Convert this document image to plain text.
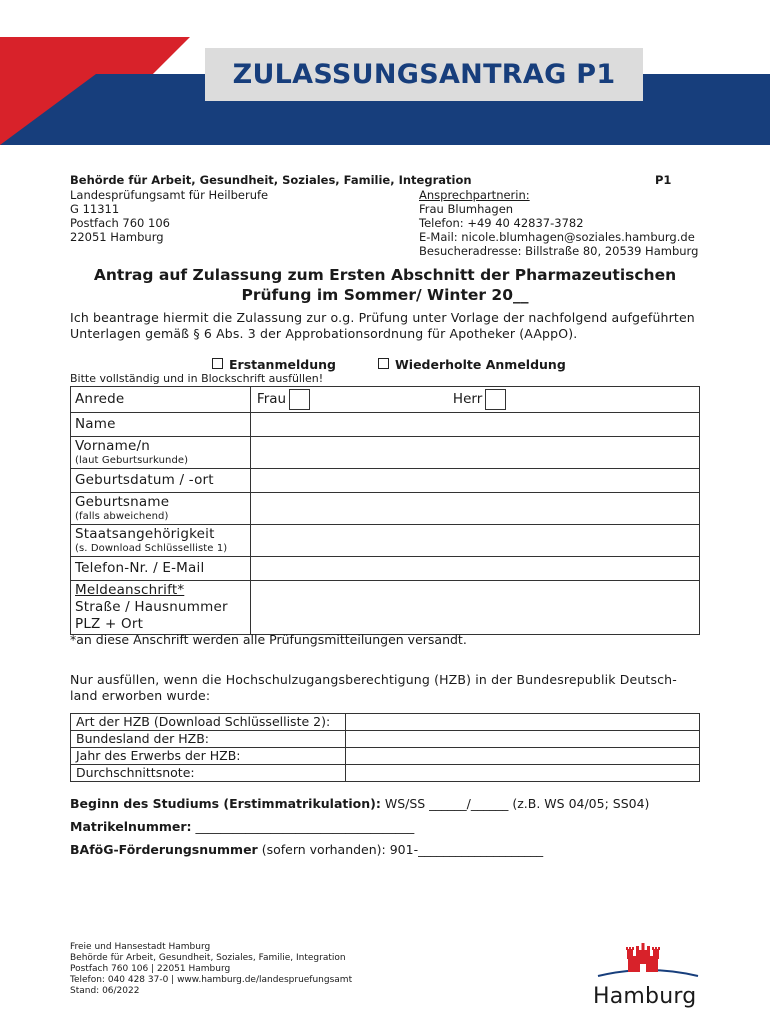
ZULASSUNGSANTRAG P1
Behörde für Arbeit, Gesundheit, Soziales, Familie, Integration	P1
Landesprüfungsamt für Heilberufe
G 11311
Postfach 760 106
22051 Hamburg
Ansprechpartnerin:
Frau Blumhagen
Telefon: +49 40 42837-3782
E-Mail: nicole.blumhagen@soziales.hamburg.de
Besucheradresse: Billstraße 80, 20539 Hamburg
Antrag auf Zulassung zum Ersten Abschnitt der Pharmazeutischen
Prüfung im Sommer/ Winter 20__
Ich beantrage hiermit die Zulassung zur o.g. Prüfung unter Vorlage der nachfolgend aufgeführten
Unterlagen gemäß § 6 Abs. 3 der Approbationsordnung für Apotheker (AAppO).
Erstanmeldung	Wiederholte Anmeldung
Bitte vollständig und in Blockschrift ausfüllen!
Anrede	Frau Herr

Name	

Vorname/n
(laut Geburtsurkunde)	

Geburtsdatum / -ort	

Geburtsname
(falls abweichend)	

Staatsangehörigkeit
(s. Download Schlüsselliste 1)	

Telefon-Nr. / E-Mail	

Meldeanschrift*
Straße / Hausnummer
PLZ + Ort	

*an diese Anschrift werden alle Prüfungsmitteilungen versandt.
Nur ausfüllen, wenn die Hochschulzugangsberechtigung (HZB) in der Bundesrepublik Deutsch-
land erworben wurde:
Art der HZB (Download Schlüsselliste 2):	
Bundesland der HZB:	
Jahr des Erwerbs der HZB:	
Durchschnittsnote:	
Beginn des Studiums (Erstimmatrikulation): WS/SS ______/______ (z.B. WS 04/05; SS04)
Matrikelnummer: ___________________________________
BAföG-Förderungsnummer (sofern vorhanden): 901-____________________
Freie und Hansestadt Hamburg
Behörde für Arbeit, Gesundheit, Soziales, Familie, Integration
Postfach 760 106 | 22051 Hamburg
Telefon: 040 428 37-0 | www.hamburg.de/landespruefungsamt
Stand: 06/2022	Hamburg
